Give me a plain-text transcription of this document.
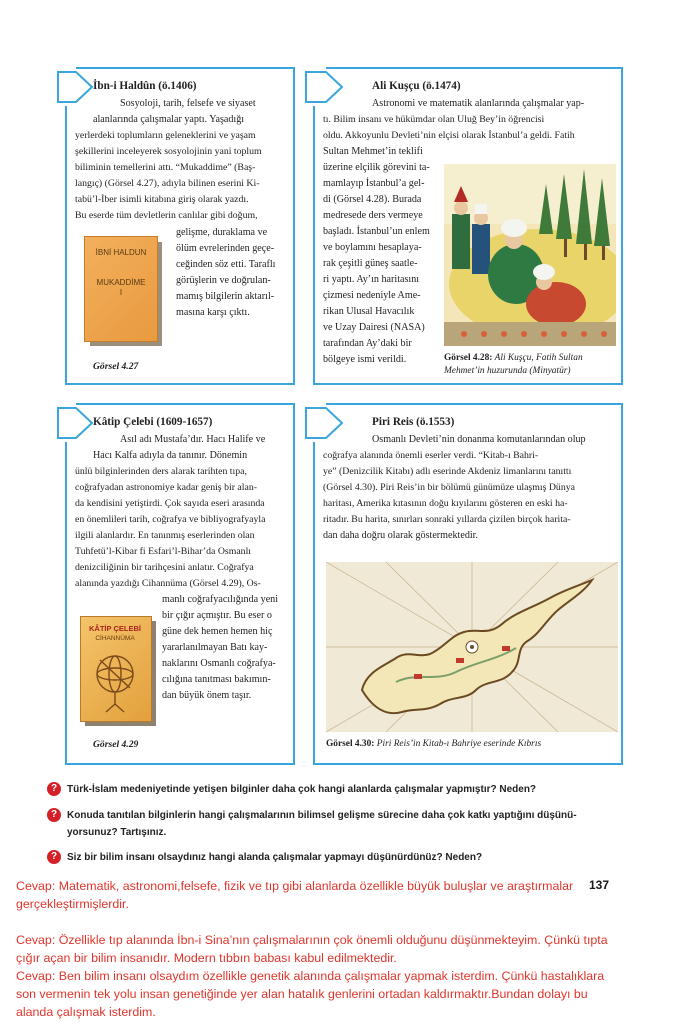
İbn-i Haldûn (ö.1406)
Sosyoloji, tarih, felsefe ve siyaset
alanlarında çalışmalar yaptı. Yaşadığı
yerlerdeki toplumların geleneklerini ve yaşam
şekillerini inceleyerek sosyolojinin yani toplum
biliminin temellerini attı. “Mukaddime” (Baş-
langıç) (Görsel 4.27), adıyla bilinen eserini Ki-
tabü’l-İber isimli kitabına giriş olarak yazdı.
Bu eserde tüm devletlerin canlılar gibi doğum,
gelişme, duraklama ve
ölüm evrelerinden geçe-
ceğinden söz etti. Taraflı
görüşlerin ve doğrulan-
mamış bilgilerin aktarıl-
masına karşı çıktı.
İBNİ HALDUN
MUKADDİME
I
Görsel 4.27
Ali Kuşçu (ö.1474)
Astronomi ve matematik alanlarında çalışmalar yap-
tı. Bilim insanı ve hükümdar olan Uluğ Bey’in öğrencisi
oldu. Akkoyunlu Devleti’nin elçisi olarak İstanbul’a geldi. Fatih
Sultan Mehmet’in teklifi
üzerine elçilik görevini ta-
mamlayıp İstanbul’a gel-
di (Görsel 4.28). Burada
medresede ders vermeye
başladı. İstanbul’un enlem
ve boylamını hesaplaya-
rak çeşitli güneş saatle-
ri yaptı. Ay’ın haritasını
çizmesi nedeniyle Ame-
rikan Ulusal Havacılık
ve Uzay Dairesi (NASA)
tarafından Ay’daki bir
bölgeye ismi verildi.	Görsel 4.28: Ali Kuşçu, Fatih Sultan
Mehmet’in huzurunda (Minyatür)
Kâtip Çelebi (1609-1657)
Asıl adı Mustafa’dır. Hacı Halife ve
Hacı Kalfa adıyla da tanınır. Dönemin
ünlü bilginlerinden ders alarak tarihten tıpa,
coğrafyadan astronomiye kadar geniş bir alan-
da kendisini yetiştirdi. Çok sayıda eseri arasında
en önemlileri tarih, coğrafya ve bibliyografyayla
ilgili alanlardır. En tanınmış eserlerinden olan
Tuhfetü’l-Kibar fi Esfari’l-Bihar’da Osmanlı
denizciliğinin bir tarihçesini anlatır. Coğrafya
alanında yazdığı Cihannüma (Görsel 4.29), Os-
manlı coğrafyacılığında yeni
bir çığır açmıştır. Bu eser o
güne dek hemen hemen hiç
yararlanılmayan Batı kay-
naklarını Osmanlı coğrafya-
cılığına tanıtması bakımın-
dan büyük önem taşır.
KÂTİP ÇELEBİ
CİHANNÜMA
Görsel 4.29
Piri Reis (ö.1553)
Osmanlı Devleti’nin donanma komutanlarından olup
coğrafya alanında önemli eserler verdi. “Kitab-ı Bahri-
ye” (Denizcilik Kitabı) adlı eserinde Akdeniz limanlarını tanıttı
(Görsel 4.30). Piri Reis’in bir bölümü günümüze ulaşmış Dünya
haritası, Amerika kıtasının doğu kıyılarını gösteren en eski ha-
ritadır. Bu harita, sınırları sonraki yıllarda çizilen birçok harita-
dan daha doğru olarak göstermektedir.
Görsel 4.30: Piri Reis’in Kitab-ı Bahriye eserinde Kıbrıs
? Türk-İslam medeniyetinde yetişen bilginler daha çok hangi alanlarda çalışmalar yapmıştır? Neden?
? Konuda tanıtılan bilginlerin hangi çalışmalarının bilimsel gelişme sürecine daha çok katkı yaptığını düşünü-
yorsunuz? Tartışınız.
? Siz bir bilim insanı olsaydınız hangi alanda çalışmalar yapmayı düşünürdünüz? Neden?
137
Cevap: Matematik, astronomi,felsefe, fizik ve tıp gibi alanlarda özellikle büyük buluşlar ve araştırmalar
gerçekleştirmişlerdir.
Cevap: Özellikle tıp alanında İbn-i Sina’nın çalışmalarının çok önemli olduğunu düşünmekteyim. Çünkü tıpta
çığır açan bir bilim insanıdır. Modern tıbbın babası kabul edilmektedir.
Cevap: Ben bilim insanı olsaydım özellikle genetik alanında çalışmalar yapmak isterdim. Çünkü hastalıklara
son vermenin tek yolu insan genetiğinde yer alan hatalık genlerini ortadan kaldırmaktır.Bundan dolayı bu
alanda çalışmak isterdim.
